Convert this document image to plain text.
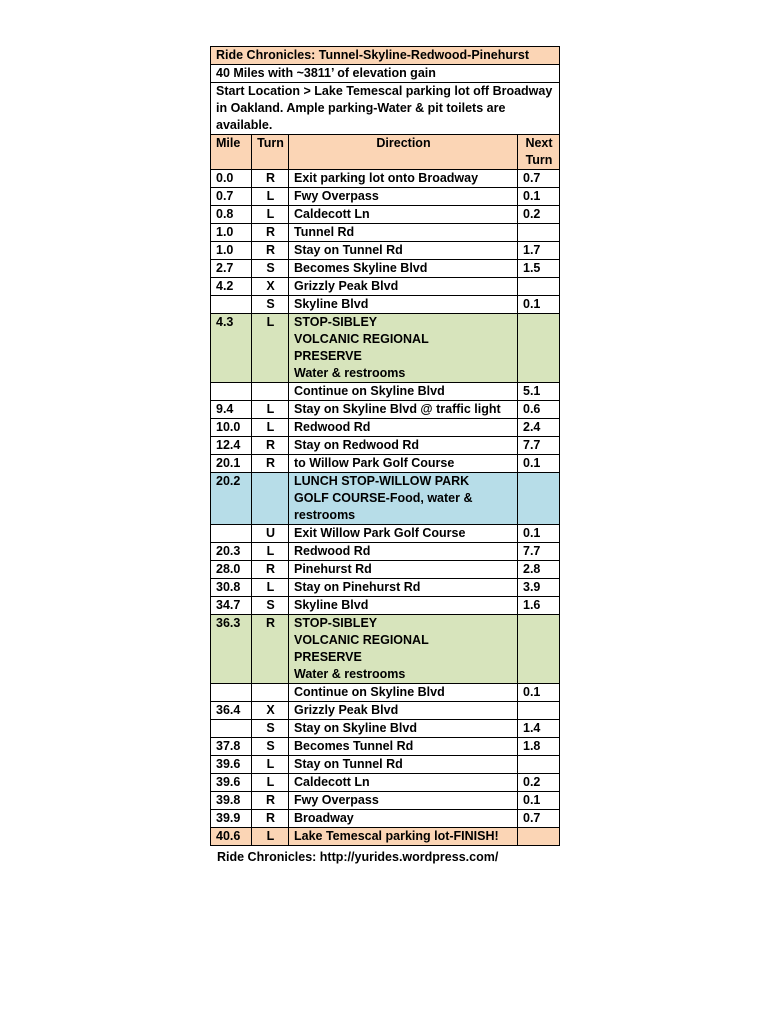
Ride Chronicles: Tunnel-Skyline-Redwood-Pinehurst			
40 Miles with ~3811’ of elevation gain			
Start Location > Lake Temescal parking lot off Broadway in Oakland. Ample parking-Water & pit toilets are available.			
Mile	Turn	Direction	Next Turn
0.0	R	Exit parking lot onto Broadway	0.7
0.7	L	Fwy Overpass	0.1
0.8	L	Caldecott Ln	0.2
1.0	R	Tunnel Rd	
1.0	R	Stay on Tunnel Rd	1.7
2.7	S	Becomes Skyline Blvd	1.5
4.2	X	Grizzly Peak Blvd	
	S	Skyline Blvd	0.1
4.3	L	STOP-SIBLEY VOLCANIC REGIONAL PRESERVE
Water & restrooms	

		Continue on Skyline Blvd	5.1
9.4	L	Stay on Skyline Blvd @ traffic light	0.6
10.0	L	Redwood Rd	2.4
12.4	R	Stay on Redwood Rd	7.7
20.1	R	to Willow Park Golf Course	0.1
20.2		LUNCH STOP-WILLOW PARK GOLF COURSE-Food, water & restrooms	

	U	Exit Willow Park Golf Course	0.1
20.3	L	Redwood Rd	7.7
28.0	R	Pinehurst Rd	2.8
30.8	L	Stay on Pinehurst Rd	3.9
34.7	S	Skyline Blvd	1.6
36.3	R	STOP-SIBLEY VOLCANIC REGIONAL PRESERVE
Water & restrooms	

		Continue on Skyline Blvd	0.1
36.4	X	Grizzly Peak Blvd	
	S	Stay on Skyline Blvd	1.4
37.8	S	Becomes Tunnel Rd	1.8
39.6	L	Stay on Tunnel Rd	
39.6	L	Caldecott Ln	0.2
39.8	R	Fwy Overpass	0.1
39.9	R	Broadway	0.7
40.6	L	Lake Temescal parking lot-FINISH!	
Ride Chronicles: http://yurides.wordpress.com/
